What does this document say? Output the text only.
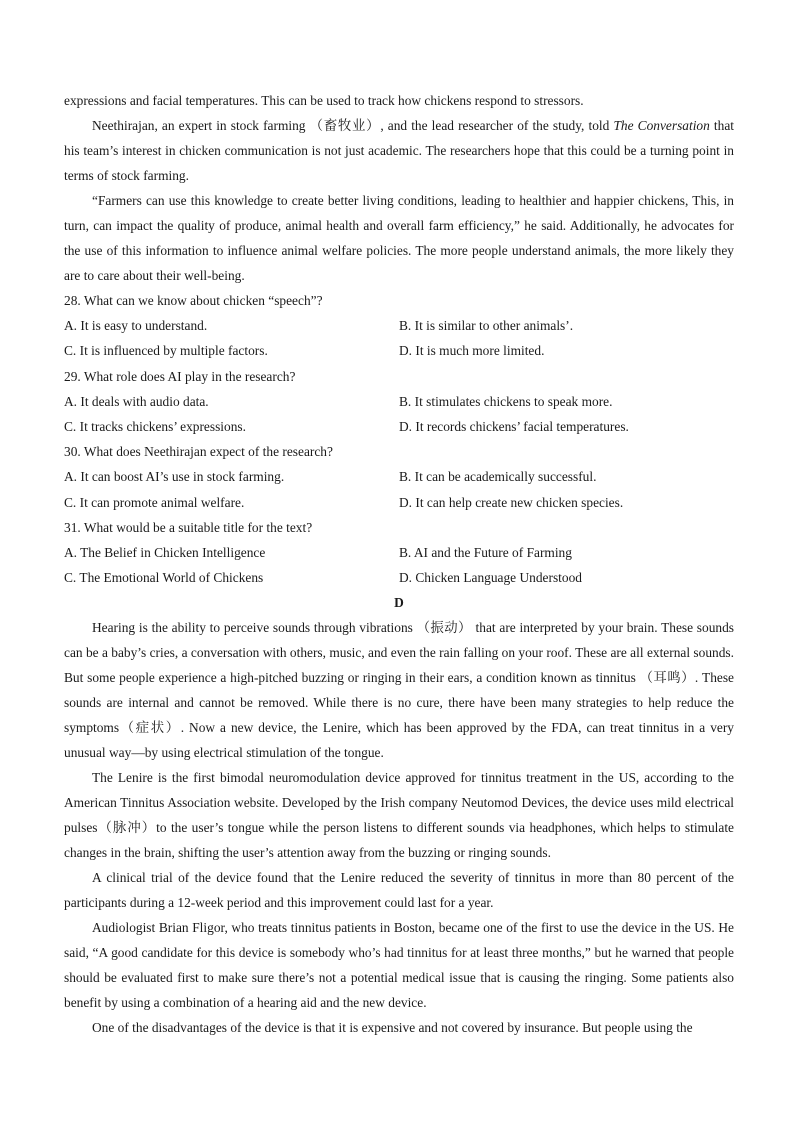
expressions and facial temperatures. This can be used to track how chickens respond to stressors.

Neethirajan, an expert in stock farming （畜牧业）, and the lead researcher of the study, told The Conversation that his team’s interest in chicken communication is not just academic. The researchers hope that this could be a turning point in terms of stock farming.

“Farmers can use this knowledge to create better living conditions, leading to healthier and happier chickens, This, in turn, can impact the quality of produce, animal health and overall farm efficiency,” he said. Additionally, he advocates for the use of this information to influence animal welfare policies. The more people understand animals, the more likely they are to care about their well-being.

28. What can we know about chicken “speech”?
A. It is easy to understand.	B. It is similar to other animals’.
C. It is influenced by multiple factors.	D. It is much more limited.
29. What role does AI play in the research?
A. It deals with audio data.	B. It stimulates chickens to speak more.
C. It tracks chickens’ expressions.	D. It records chickens’ facial temperatures.
30. What does Neethirajan expect of the research?
A. It can boost AI’s use in stock farming.	B. It can be academically successful.
C. It can promote animal welfare.	D. It can help create new chicken species.
31. What would be a suitable title for the text?
A. The Belief in Chicken Intelligence	B. AI and the Future of Farming
C. The Emotional World of Chickens	D. Chicken Language Understood
D

Hearing is the ability to perceive sounds through vibrations （振动） that are interpreted by your brain. These sounds can be a baby’s cries, a conversation with others, music, and even the rain falling on your roof. These are all external sounds. But some people experience a high-pitched buzzing or ringing in their ears, a condition known as tinnitus （耳鸣）. These sounds are internal and cannot be removed. While there is no cure, there have been many strategies to help reduce the symptoms（症状）. Now a new device, the Lenire, which has been approved by the FDA, can treat tinnitus in a very unusual way—by using electrical stimulation of the tongue.

The Lenire is the first bimodal neuromodulation device approved for tinnitus treatment in the US, according to the American Tinnitus Association website. Developed by the Irish company Neutomod Devices, the device uses mild electrical pulses（脉冲）to the user’s tongue while the person listens to different sounds via headphones, which helps to stimulate changes in the brain, shifting the user’s attention away from the buzzing or ringing sounds.

A clinical trial of the device found that the Lenire reduced the severity of tinnitus in more than 80 percent of the participants during a 12-week period and this improvement could last for a year.

Audiologist Brian Fligor, who treats tinnitus patients in Boston, became one of the first to use the device in the US. He said, “A good candidate for this device is somebody who’s had tinnitus for at least three months,” but he warned that people should be evaluated first to make sure there’s not a potential medical issue that is causing the ringing. Some patients also benefit by using a combination of a hearing aid and the new device.

One of the disadvantages of the device is that it is expensive and not covered by insurance. But people using the
